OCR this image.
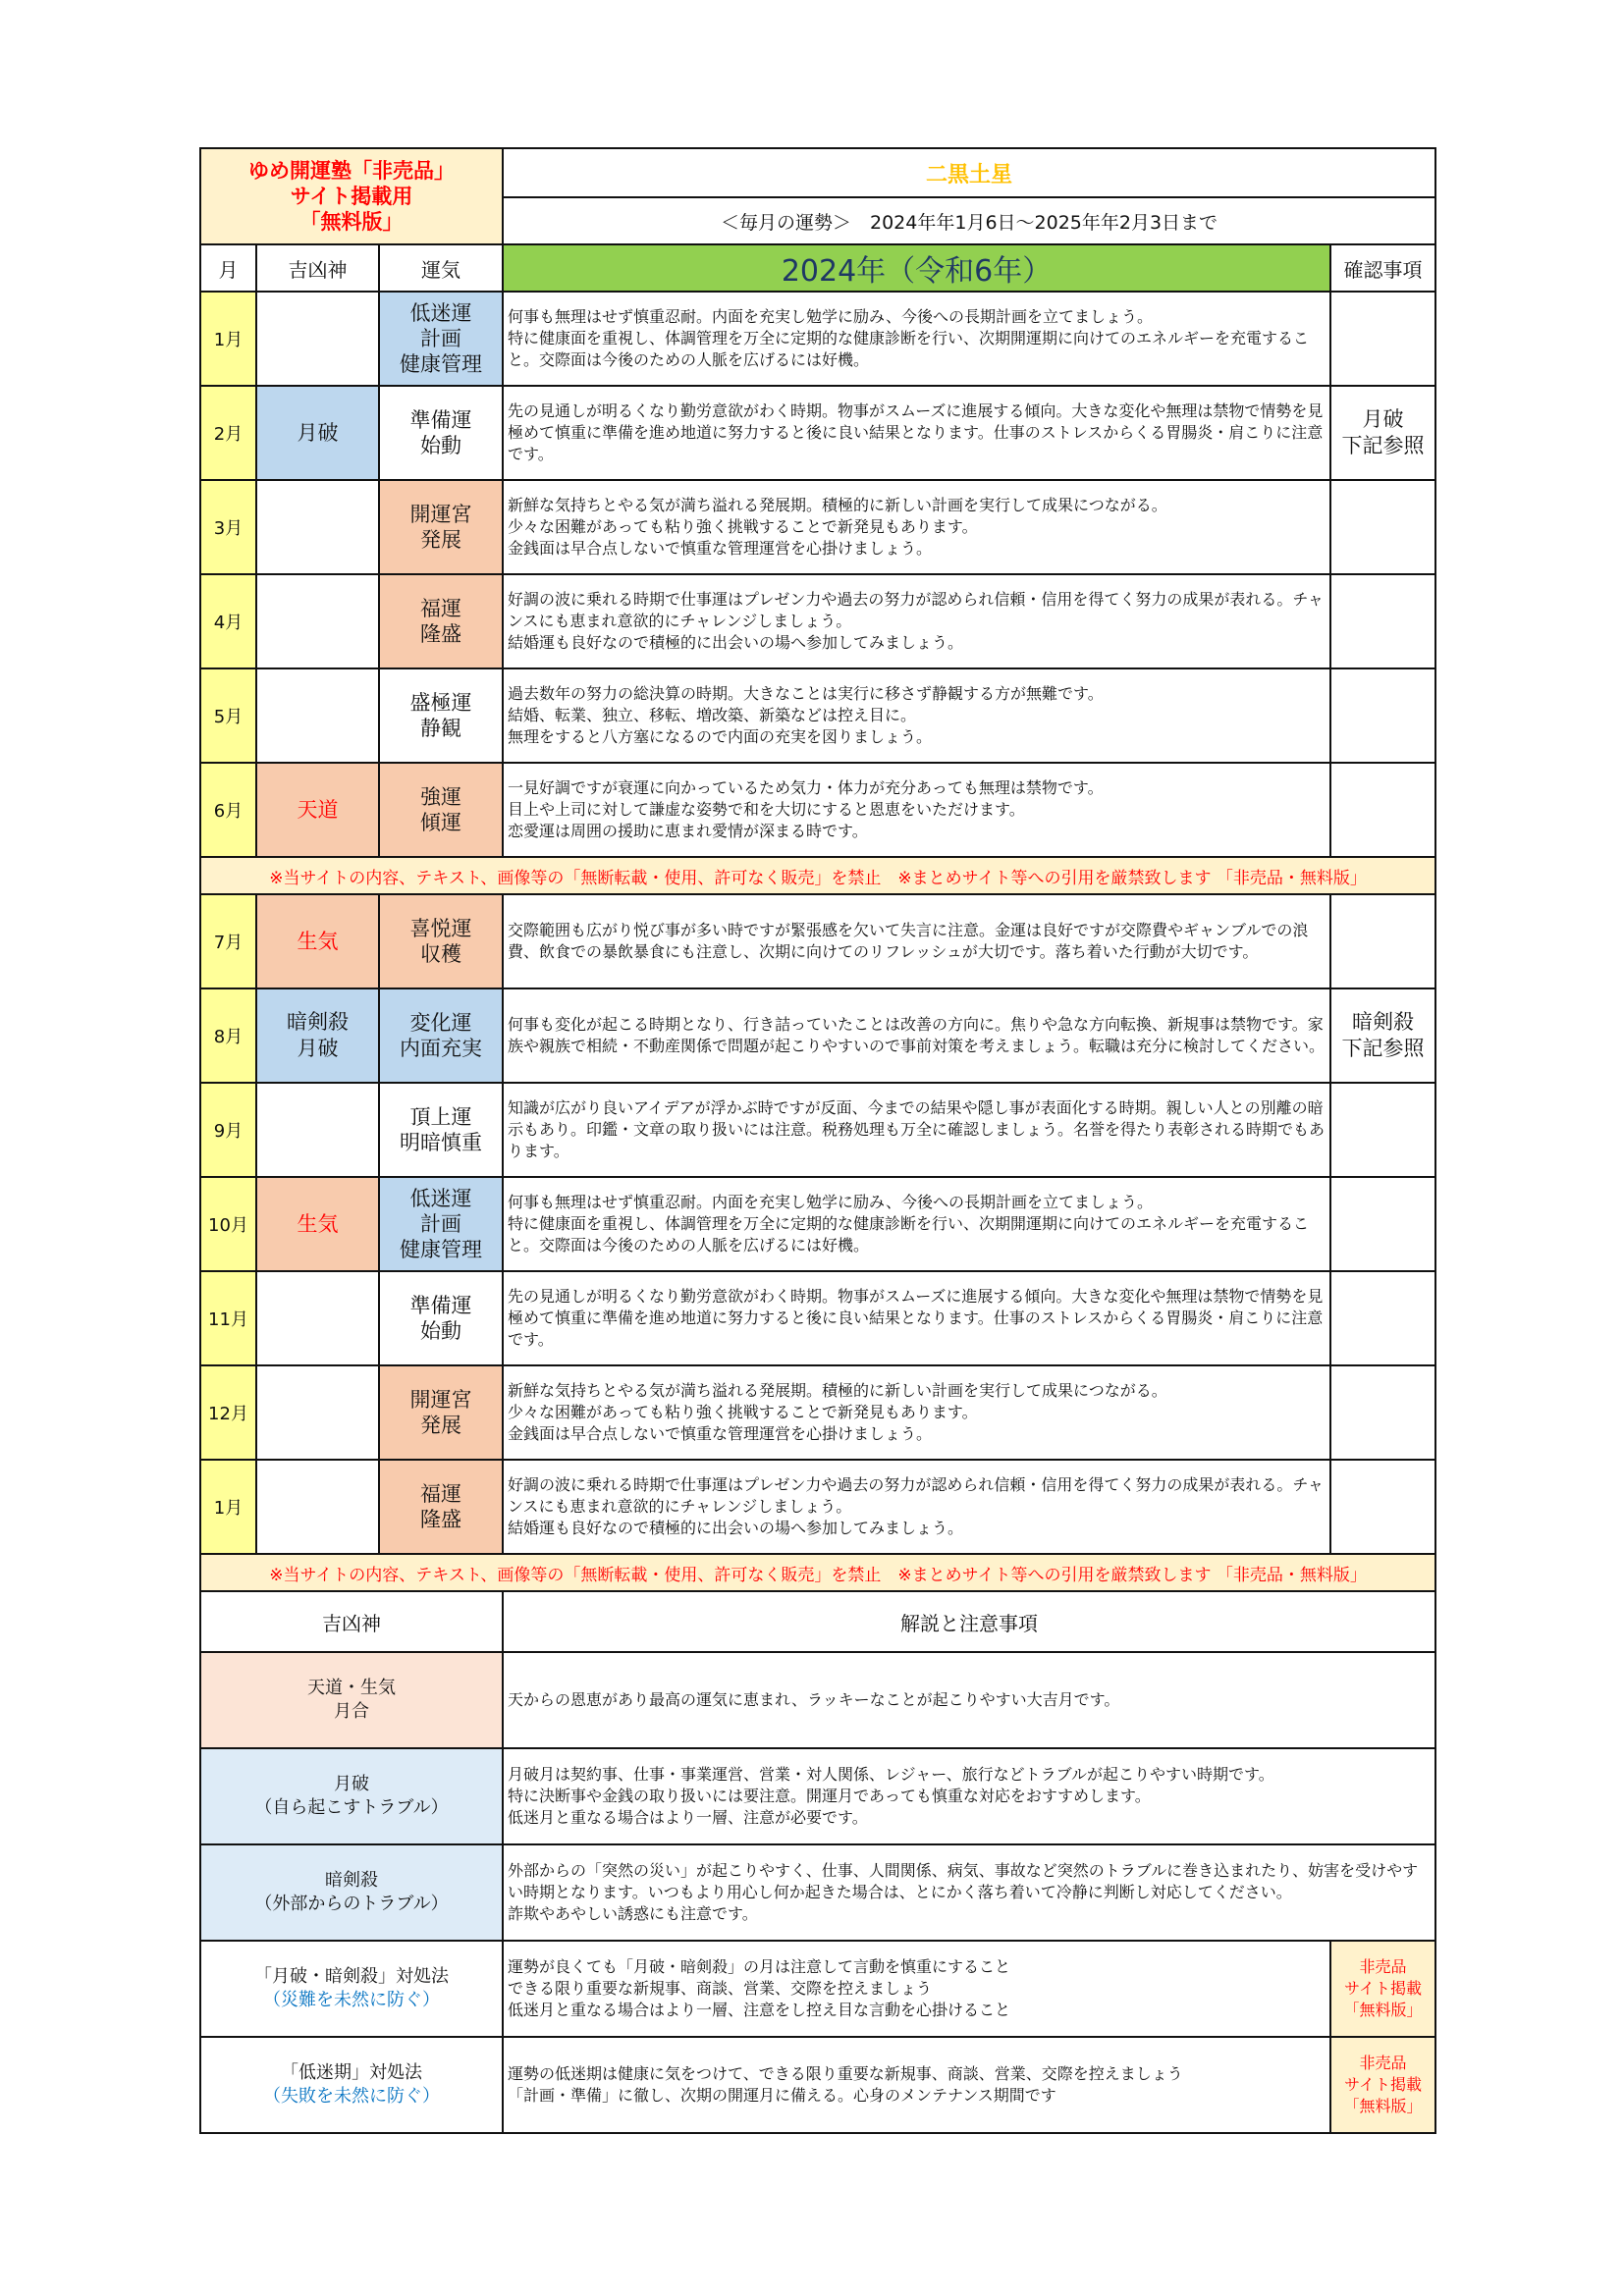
ゆめ開運塾「非売品」
サイト掲載用
「無料版」			二黒土星	
			＜毎月の運勢＞　2024年年1月6日～2025年年2月3日まで	
月	吉凶神	運気	2024年（令和6年）	確認事項
1月		低迷運
計画
健康管理	何事も無理はせず慎重忍耐。内面を充実し勉学に励み、今後への長期計画を立てましょう。
特に健康面を重視し、体調管理を万全に定期的な健康診断を行い、次期開運期に向けてのエネルギーを充電すること。交際面は今後のための人脈を広げるには好機。	

2月	月破	準備運
始動	先の見通しが明るくなり勤労意欲がわく時期。物事がスムーズに進展する傾向。大きな変化や無理は禁物で情勢を見極めて慎重に準備を進め地道に努力すると後に良い結果となります。仕事のストレスからくる胃腸炎・肩こりに注意です。	月破
下記参照

3月		開運宮
発展	新鮮な気持ちとやる気が満ち溢れる発展期。積極的に新しい計画を実行して成果につながる。
少々な困難があっても粘り強く挑戦することで新発見もあります。
金銭面は早合点しないで慎重な管理運営を心掛けましょう。	

4月		福運
隆盛	好調の波に乗れる時期で仕事運はプレゼン力や過去の努力が認められ信頼・信用を得てく努力の成果が表れる。チャンスにも恵まれ意欲的にチャレンジしましょう。
結婚運も良好なので積極的に出会いの場へ参加してみましょう。	

5月		盛極運
静観	過去数年の努力の総決算の時期。大きなことは実行に移さず静観する方が無難です。
結婚、転業、独立、移転、増改築、新築などは控え目に。
無理をすると八方塞になるので内面の充実を図りましょう。	

6月	天道	強運
傾運	一見好調ですが衰運に向かっているため気力・体力が充分あっても無理は禁物です。
目上や上司に対して謙虚な姿勢で和を大切にすると恩恵をいただけます。
恋愛運は周囲の援助に恵まれ愛情が深まる時です。	

※当サイトの内容、テキスト、画像等の「無断転載・使用、許可なく販売」を禁止　※まとめサイト等への引用を厳禁致します 「非売品・無料版」				
7月	生気	喜悦運
収穫	交際範囲も広がり悦び事が多い時ですが緊張感を欠いて失言に注意。金運は良好ですが交際費やギャンブルでの浪費、飲食での暴飲暴食にも注意し、次期に向けてのリフレッシュが大切です。落ち着いた行動が大切です。	

8月	暗剣殺
月破	変化運
内面充実	何事も変化が起こる時期となり、行き詰っていたことは改善の方向に。焦りや急な方向転換、新規事は禁物です。家族や親族で相続・不動産関係で問題が起こりやすいので事前対策を考えましょう。転職は充分に検討してください。	暗剣殺
下記参照

9月		頂上運
明暗慎重	知識が広がり良いアイデアが浮かぶ時ですが反面、今までの結果や隠し事が表面化する時期。親しい人との別離の暗示もあり。印鑑・文章の取り扱いには注意。税務処理も万全に確認しましょう。名誉を得たり表彰される時期でもあります。	

10月	生気	低迷運
計画
健康管理	何事も無理はせず慎重忍耐。内面を充実し勉学に励み、今後への長期計画を立てましょう。
特に健康面を重視し、体調管理を万全に定期的な健康診断を行い、次期開運期に向けてのエネルギーを充電すること。交際面は今後のための人脈を広げるには好機。	

11月		準備運
始動	先の見通しが明るくなり勤労意欲がわく時期。物事がスムーズに進展する傾向。大きな変化や無理は禁物で情勢を見極めて慎重に準備を進め地道に努力すると後に良い結果となります。仕事のストレスからくる胃腸炎・肩こりに注意です。	

12月		開運宮
発展	新鮮な気持ちとやる気が満ち溢れる発展期。積極的に新しい計画を実行して成果につながる。
少々な困難があっても粘り強く挑戦することで新発見もあります。
金銭面は早合点しないで慎重な管理運営を心掛けましょう。	

1月		福運
隆盛	好調の波に乗れる時期で仕事運はプレゼン力や過去の努力が認められ信頼・信用を得てく努力の成果が表れる。チャンスにも恵まれ意欲的にチャレンジしましょう。
結婚運も良好なので積極的に出会いの場へ参加してみましょう。	

※当サイトの内容、テキスト、画像等の「無断転載・使用、許可なく販売」を禁止　※まとめサイト等への引用を厳禁致します 「非売品・無料版」				
吉凶神			解説と注意事項	

天道・生気
月合			天からの恩恵があり最高の運気に恵まれ、ラッキーなことが起こりやすい大吉月です。	

月破
（自ら起こすトラブル）			月破月は契約事、仕事・事業運営、営業・対人関係、レジャー、旅行などトラブルが起こりやすい時期です。
特に決断事や金銭の取り扱いには要注意。開運月であっても慎重な対応をおすすめします。
低迷月と重なる場合はより一層、注意が必要です。	

暗剣殺
（外部からのトラブル）			外部からの「突然の災い」が起こりやすく、仕事、人間関係、病気、事故など突然のトラブルに巻き込まれたり、妨害を受けやすい時期となります。いつもより用心し何か起きた場合は、とにかく落ち着いて冷静に判断し対応してください。
詐欺やあやしい誘惑にも注意です。	

「月破・暗剣殺」対処法
（災難を未然に防ぐ）			運勢が良くても「月破・暗剣殺」の月は注意して言動を慎重にすること
できる限り重要な新規事、商談、営業、交際を控えましょう
低迷月と重なる場合はより一層、注意をし控え目な言動を心掛けること	非売品
サイト掲載
「無料版」

「低迷期」対処法
（失敗を未然に防ぐ）			運勢の低迷期は健康に気をつけて、できる限り重要な新規事、商談、営業、交際を控えましょう
「計画・準備」に徹し、次期の開運月に備える。心身のメンテナンス期間です	非売品
サイト掲載
「無料版」
